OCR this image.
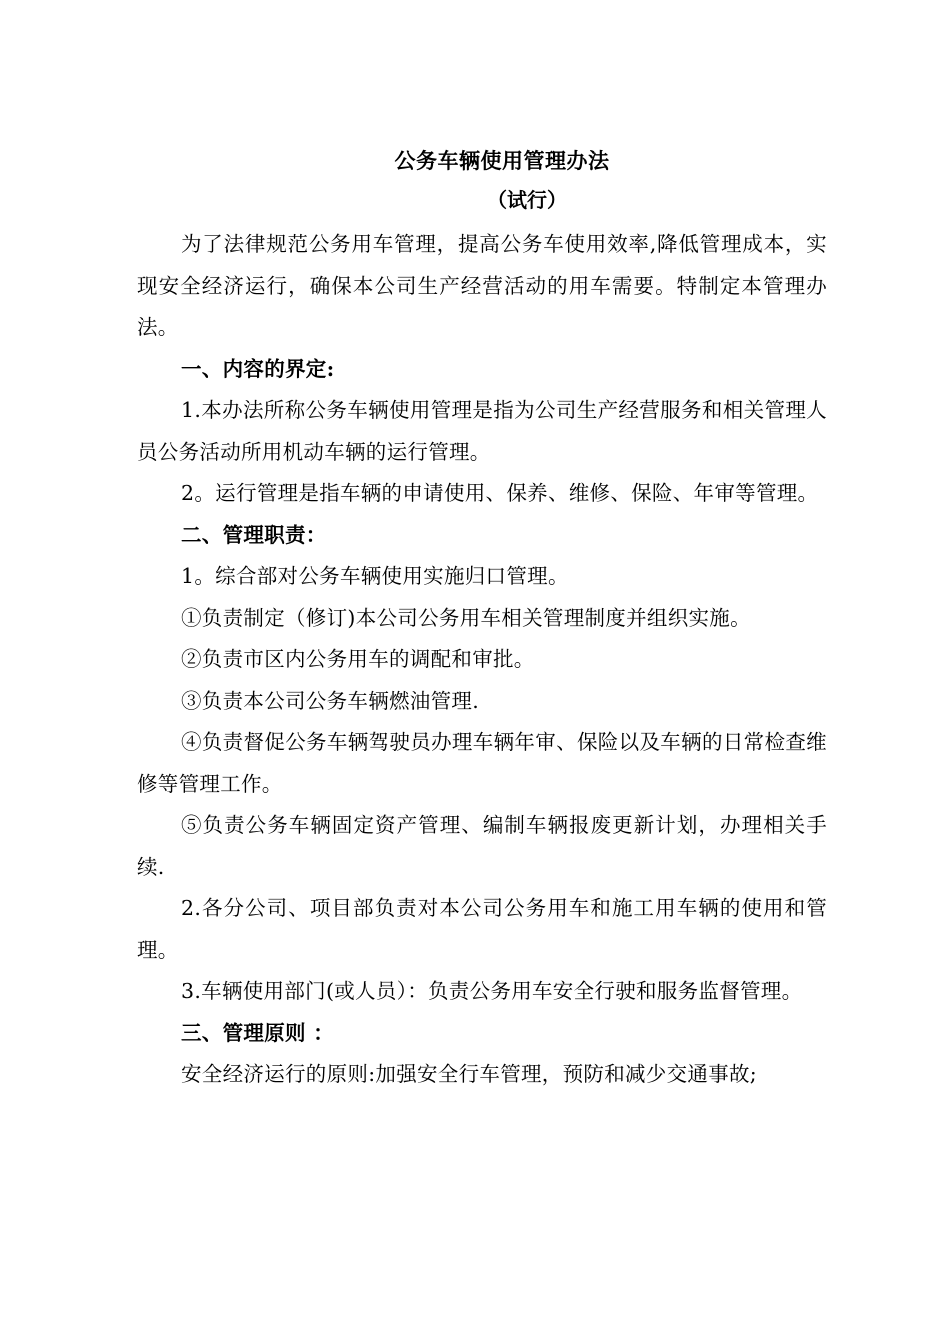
公务车辆使用管理办法
（试行）

为了法律规范公务用车管理，提高公务车使用效率,降低管理成本，实现安全经济运行，确保本公司生产经营活动的用车需要。特制定本管理办法。

一、内容的界定:

1.本办法所称公务车辆使用管理是指为公司生产经营服务和相关管理人员公务活动所用机动车辆的运行管理。

2。运行管理是指车辆的申请使用、保养、维修、保险、年审等管理。

二、管理职责：

1。综合部对公务车辆使用实施归口管理。

①负责制定（修订)本公司公务用车相关管理制度并组织实施。

②负责市区内公务用车的调配和审批。

③负责本公司公务车辆燃油管理.

④负责督促公务车辆驾驶员办理车辆年审、保险以及车辆的日常检查维修等管理工作。

⑤负责公务车辆固定资产管理、编制车辆报废更新计划，办理相关手续.

2.各分公司、项目部负责对本公司公务用车和施工用车辆的使用和管理。

3.车辆使用部门(或人员）：负责公务用车安全行驶和服务监督管理。

三、管理原则 ：

安全经济运行的原则:加强安全行车管理，预防和减少交通事故;
